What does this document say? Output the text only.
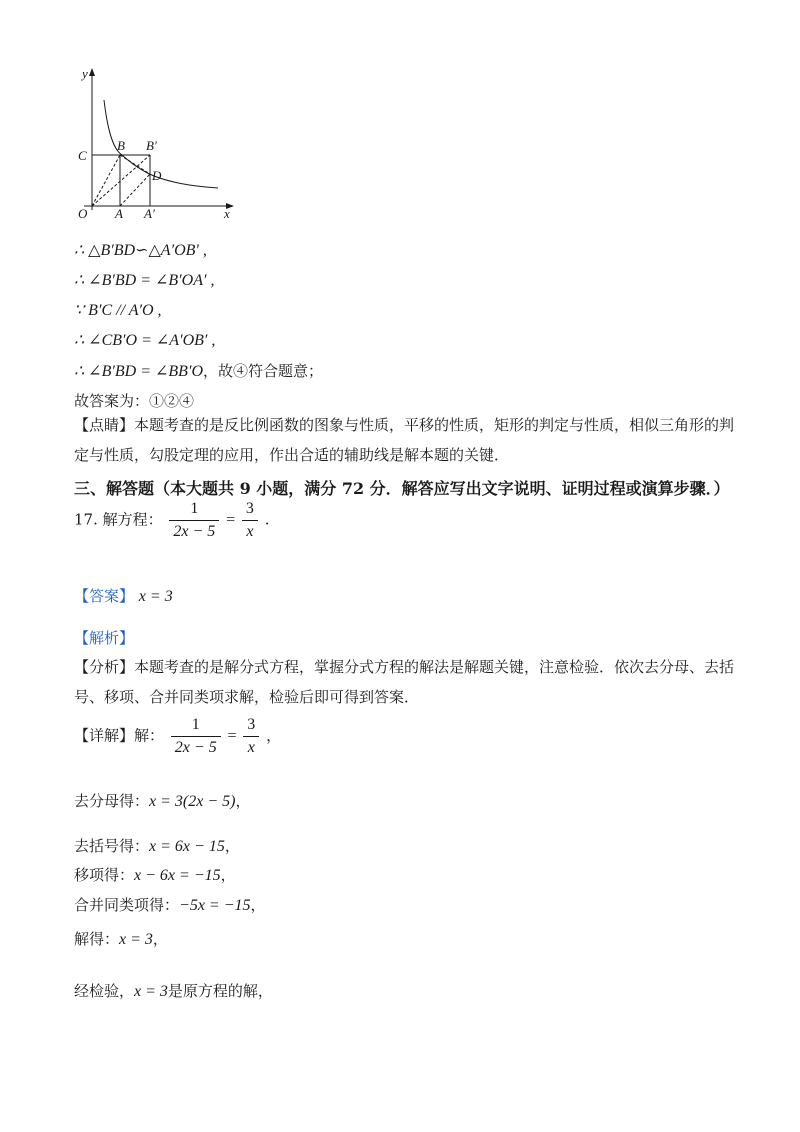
y
x
O
C
B B′
D
A A′
∴ △B′BD∽△A′OB′ ,
∴ ∠B′BD = ∠B′OA′ ,
∵ B′C // A′O ,
∴ ∠CB′O = ∠A′OB′ ,
∴ ∠B′BD = ∠BB′O，故④符合题意；
故答案为：①②④
【点睛】本题考查的是反比例函数的图象与性质，平移的性质，矩形的判定与性质，相似三角形的判定与性质，勾股定理的应用，作出合适的辅助线是解本题的关键．
三、解答题（本大题共 9 小题，满分 72 分．解答应写出文字说明、证明过程或演算步骤．）
17. 解方程： $\frac{1}{2x - 5} = \frac{3}{x}$ .
【答案】 x = 3
【解析】
【分析】本题考查的是解分式方程，掌握分式方程的解法是解题关键，注意检验．依次去分母、去括号、移项、合并同类项求解，检验后即可得到答案．
【详解】解： $\frac{1}{2x - 5} = \frac{3}{x}$ ，
去分母得：x = 3(2x − 5)，
去括号得：x = 6x − 15，
移项得：x − 6x = −15，
合并同类项得：−5x = −15，
解得：x = 3，
经检验，x = 3是原方程的解，
